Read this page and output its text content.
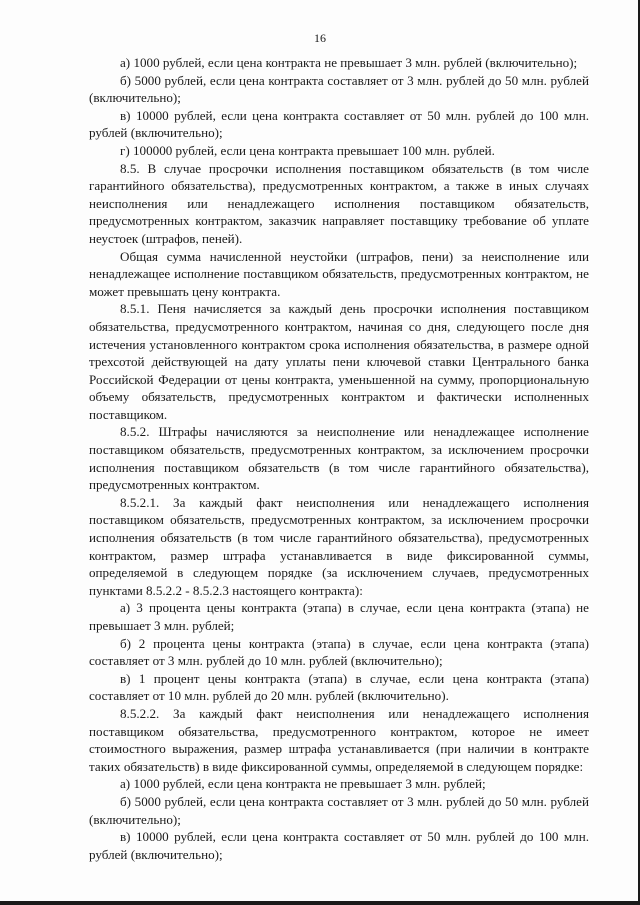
16

а) 1000 рублей, если цена контракта не превышает 3 млн. рублей (включительно);

б) 5000 рублей, если цена контракта составляет от 3 млн. рублей до 50 млн. рублей (включительно);

в) 10000 рублей, если цена контракта составляет от 50 млн. рублей до 100 млн. рублей (включительно);

г) 100000 рублей, если цена контракта превышает 100 млн. рублей.

8.5. В случае просрочки исполнения поставщиком обязательств (в том числе гарантийного обязательства), предусмотренных контрактом, а также в иных случаях неисполнения или ненадлежащего исполнения поставщиком обязательств, предусмотренных контрактом, заказчик направляет поставщику требование об уплате неустоек (штрафов, пеней).

Общая сумма начисленной неустойки (штрафов, пени) за неисполнение или ненадлежащее исполнение поставщиком обязательств, предусмотренных контрактом, не может превышать цену контракта.

8.5.1. Пеня начисляется за каждый день просрочки исполнения поставщиком обязательства, предусмотренного контрактом, начиная со дня, следующего после дня истечения установленного контрактом срока исполнения обязательства, в размере одной трехсотой действующей на дату уплаты пени ключевой ставки Центрального банка Российской Федерации от цены контракта, уменьшенной на сумму, пропорциональную объему обязательств, предусмотренных контрактом и фактически исполненных поставщиком.

8.5.2. Штрафы начисляются за неисполнение или ненадлежащее исполнение поставщиком обязательств, предусмотренных контрактом, за исключением просрочки исполнения поставщиком обязательств (в том числе гарантийного обязательства), предусмотренных контрактом.

8.5.2.1. За каждый факт неисполнения или ненадлежащего исполнения поставщиком обязательств, предусмотренных контрактом, за исключением просрочки исполнения обязательств (в том числе гарантийного обязательства), предусмотренных контрактом, размер штрафа устанавливается в виде фиксированной суммы, определяемой в следующем порядке (за исключением случаев, предусмотренных пунктами 8.5.2.2 - 8.5.2.3 настоящего контракта):

а) 3 процента цены контракта (этапа) в случае, если цена контракта (этапа) не превышает 3 млн. рублей;

б) 2 процента цены контракта (этапа) в случае, если цена контракта (этапа) составляет от 3 млн. рублей до 10 млн. рублей (включительно);

в) 1 процент цены контракта (этапа) в случае, если цена контракта (этапа) составляет от 10 млн. рублей до 20 млн. рублей (включительно).

8.5.2.2. За каждый факт неисполнения или ненадлежащего исполнения поставщиком обязательства, предусмотренного контрактом, которое не имеет стоимостного выражения, размер штрафа устанавливается (при наличии в контракте таких обязательств) в виде фиксированной суммы, определяемой в следующем порядке:

а) 1000 рублей, если цена контракта не превышает 3 млн. рублей;

б) 5000 рублей, если цена контракта составляет от 3 млн. рублей до 50 млн. рублей (включительно);

в) 10000 рублей, если цена контракта составляет от 50 млн. рублей до 100 млн. рублей (включительно);
